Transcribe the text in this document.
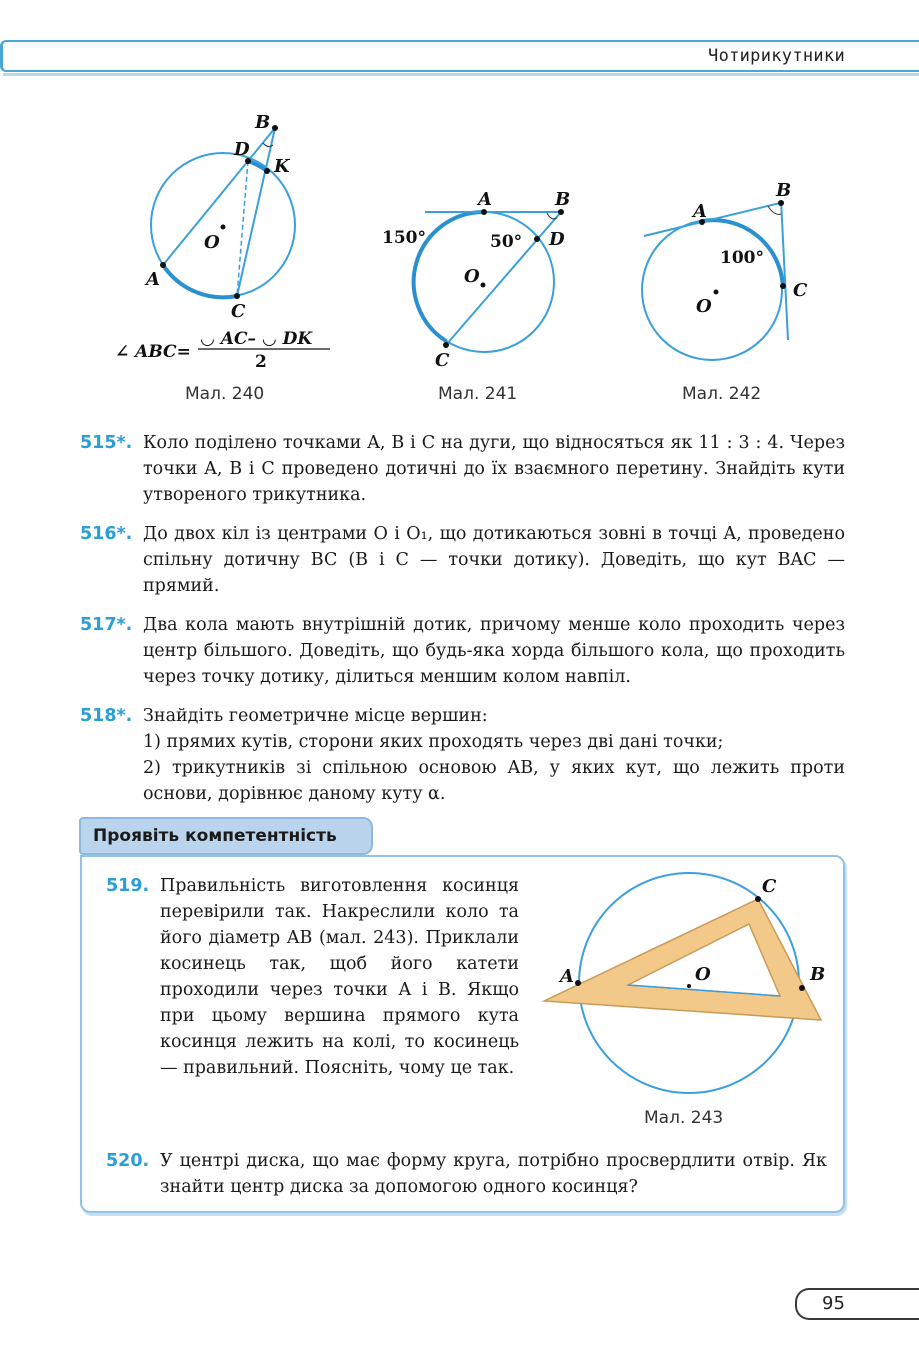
Чотирикутники
B
D
K
O
A
C
∠ ABC=
◡ AC– ◡ DK
2
Мал. 240
A	B
D
O
C
150°	50°
Мал. 241
A
B
C
O
100°
Мал. 242
515*. Коло поділено точками A, B і C на дуги, що відносяться як 11 : 3 : 4. Через точки A, B і C проведено дотичні до їх взаємного перетину. Знайдіть кути утвореного трикутника.
516*. До двох кіл із центрами O і O₁, що дотикаються зовні в точці A, проведено спільну дотичну BC (B і C — точки дотику). Доведіть, що кут BAC — прямий.
517*. Два кола мають внутрішній дотик, причому менше коло проходить через центр більшого. Доведіть, що будь-яка хорда більшого кола, що проходить через точку дотику, ділиться меншим колом навпіл.
518*. Знайдіть геометричне місце вершин:
1) прямих кутів, сторони яких проходять через дві дані точки;
2) трикутників зі спільною основою AB, у яких кут, що лежить проти основи, дорівнює даному куту α.
Проявіть компетентність
519. Правильність виготовлення косинця перевірили так. Накреслили коло та його діаметр AB (мал. 243). Приклали косинець так, щоб його катети проходили через точки A і B. Якщо при цьому вершина прямого кута косинця лежить на колі, то косинець — правильний. Поясніть, чому це так.
A	B
C
O
Мал. 243
520. У центрі диска, що має форму круга, потрібно просвердлити отвір. Як знайти центр диска за допомогою одного косинця?
95
